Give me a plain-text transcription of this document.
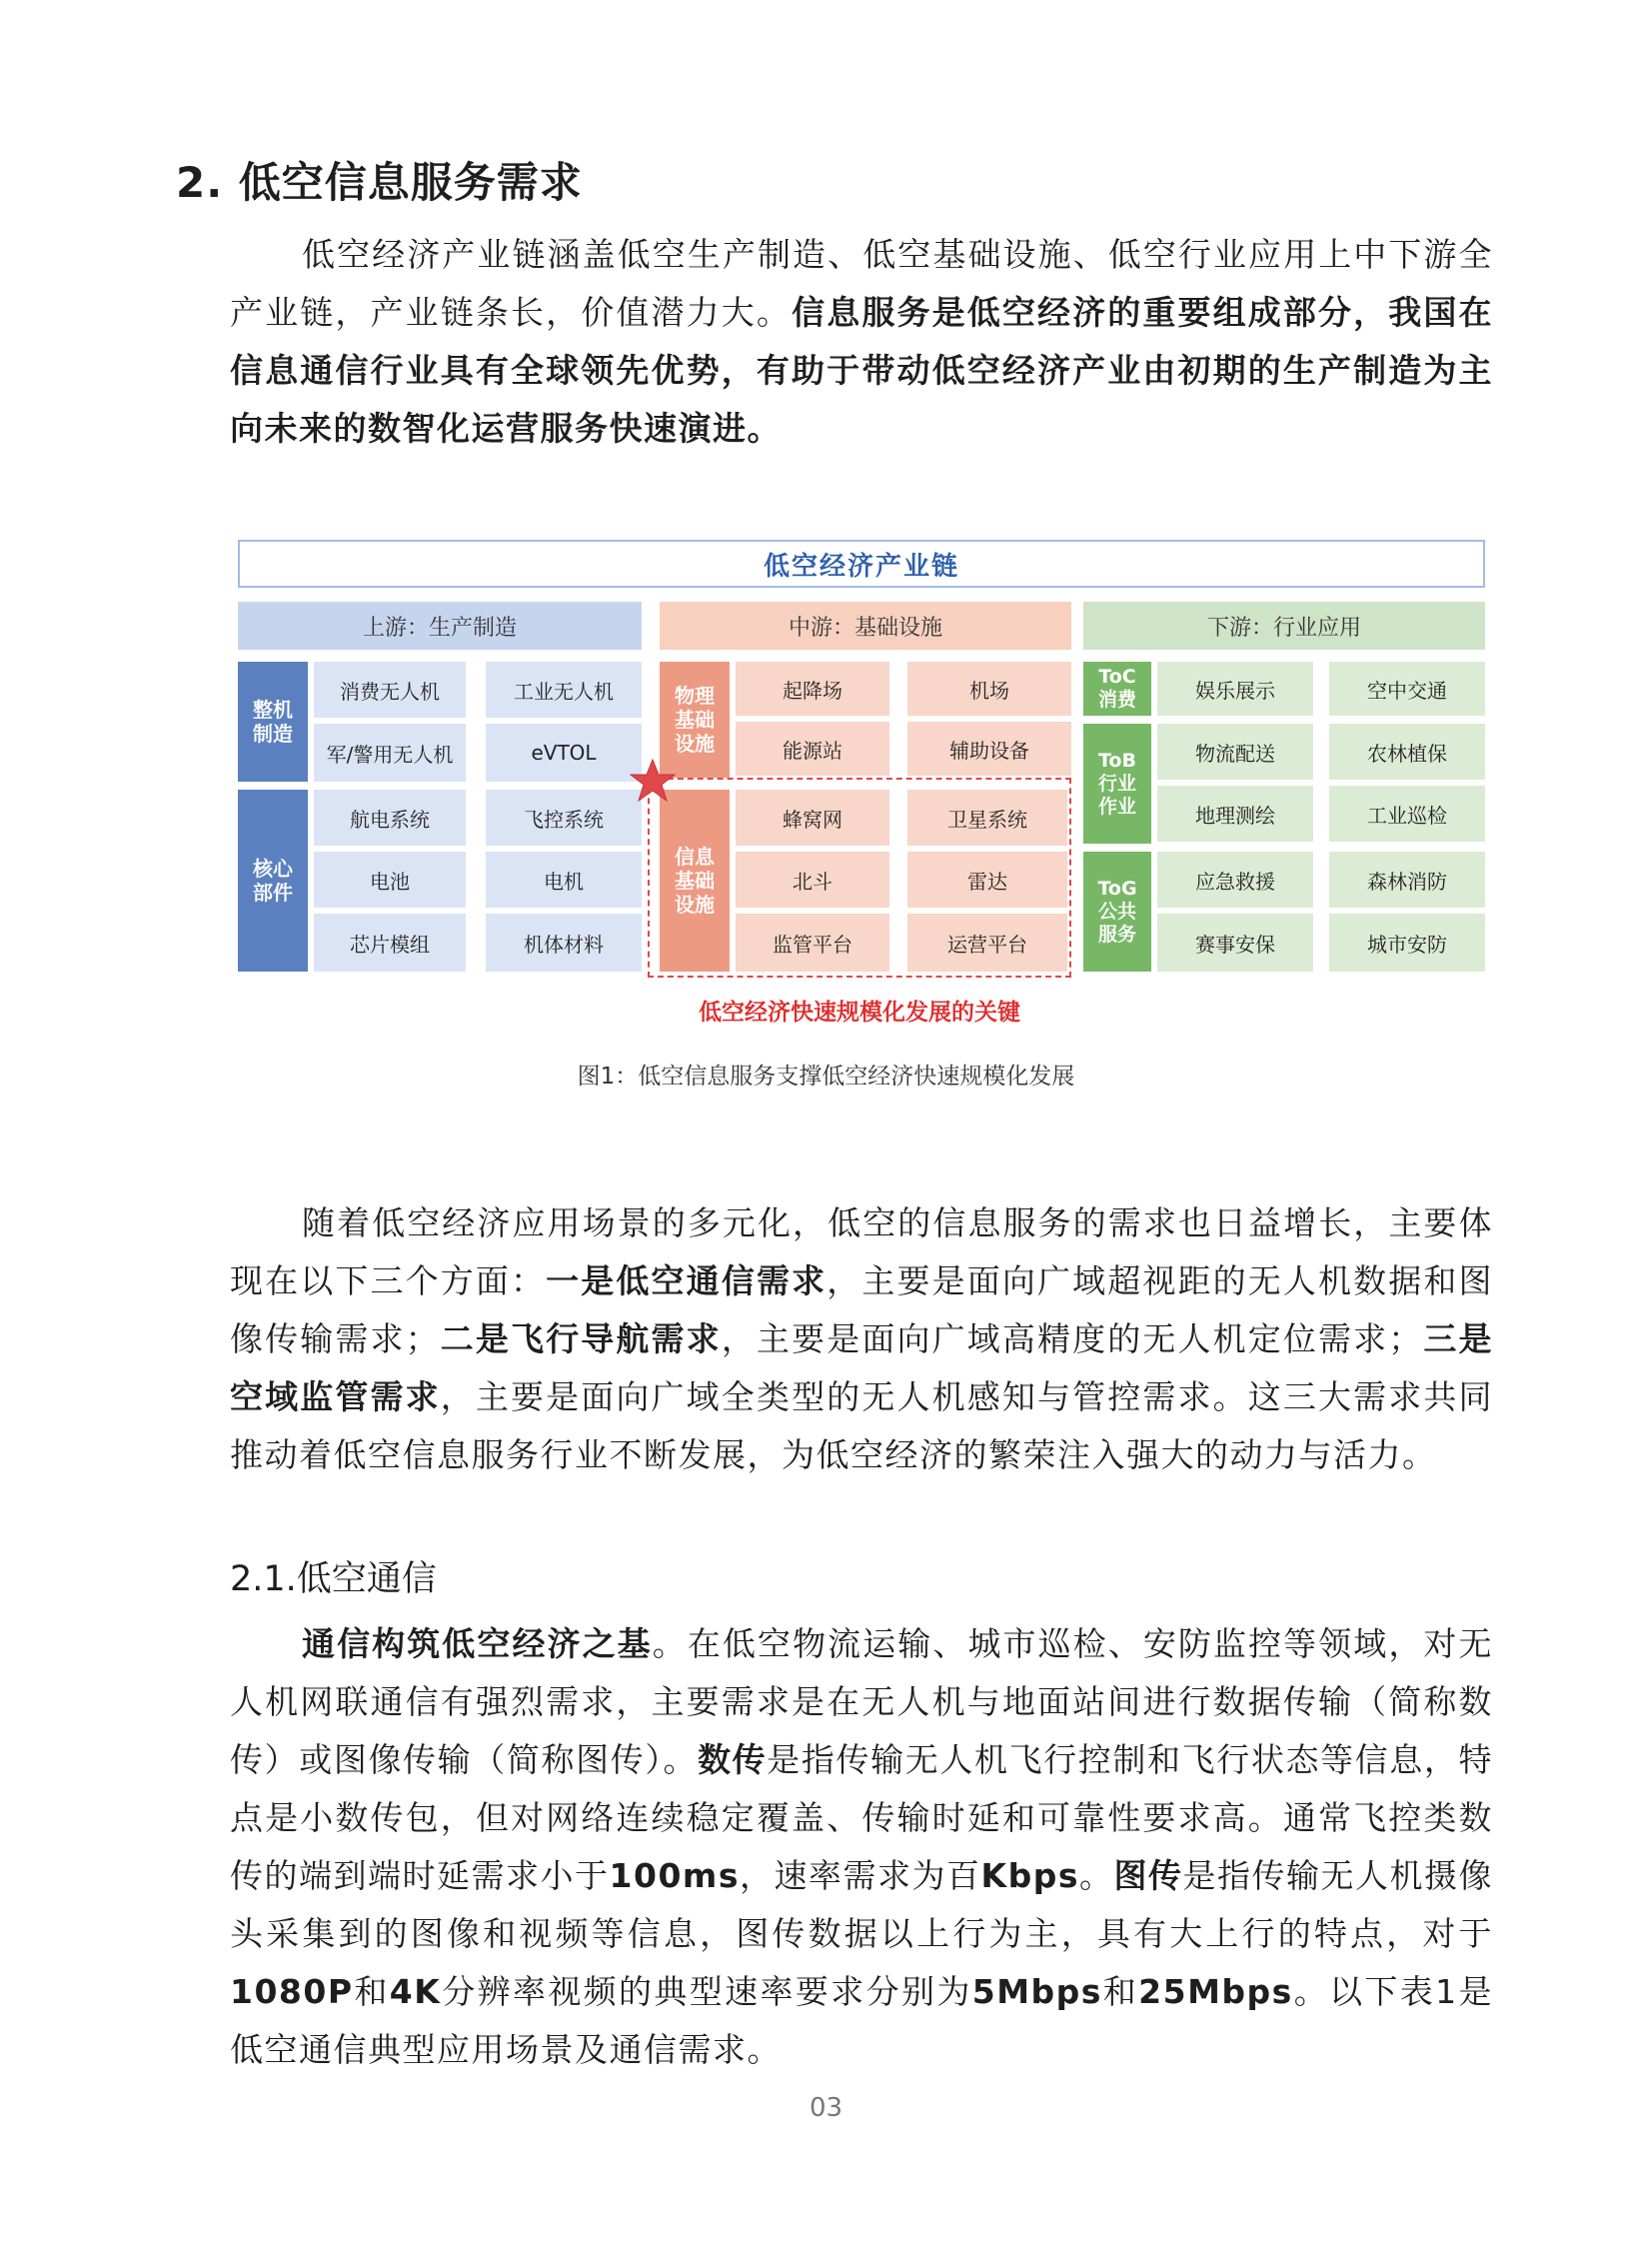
2. 低空信息服务需求

低空经济产业链涵盖低空生产制造、低空基础设施、低空行业应用上中下游全产业链，产业链条长，价值潜力大。信息服务是低空经济的重要组成部分，我国在信息通信行业具有全球领先优势，有助于带动低空经济产业由初期的生产制造为主向未来的数智化运营服务快速演进。

低空经济产业链
上游：生产制造
整机制造
消费无人机	工业无人机
军/警用无人机	eVTOL
核心部件
航电系统	飞控系统
电池	电机
芯片模组	机体材料
中游：基础设施
物理基础设施
起降场	机场
能源站	辅助设备
信息基础设施
蜂窝网	卫星系统
北斗	雷达
监管平台	运营平台
低空经济快速规模化发展的关键
下游：行业应用
ToC消费	娱乐展示	空中交通
ToB行业作业
物流配送	农林植保
地理测绘	工业巡检
ToG公共服务
应急救援	森林消防
赛事安保	城市安防
图1：低空信息服务支撑低空经济快速规模化发展

随着低空经济应用场景的多元化，低空的信息服务的需求也日益增长，主要体现在以下三个方面：一是低空通信需求，主要是面向广域超视距的无人机数据和图像传输需求；二是飞行导航需求，主要是面向广域高精度的无人机定位需求；三是空域监管需求，主要是面向广域全类型的无人机感知与管控需求。这三大需求共同推动着低空信息服务行业不断发展，为低空经济的繁荣注入强大的动力与活力。

2.1.低空通信

通信构筑低空经济之基。在低空物流运输、城市巡检、安防监控等领域，对无人机网联通信有强烈需求，主要需求是在无人机与地面站间进行数据传输（简称数传）或图像传输（简称图传）。数传是指传输无人机飞行控制和飞行状态等信息，特点是小数传包，但对网络连续稳定覆盖、传输时延和可靠性要求高。通常飞控类数传的端到端时延需求小于100ms，速率需求为百Kbps。图传是指传输无人机摄像头采集到的图像和视频等信息，图传数据以上行为主，具有大上行的特点，对于1080P和4K分辨率视频的典型速率要求分别为5Mbps和25Mbps。以下表1是低空通信典型应用场景及通信需求。

03
